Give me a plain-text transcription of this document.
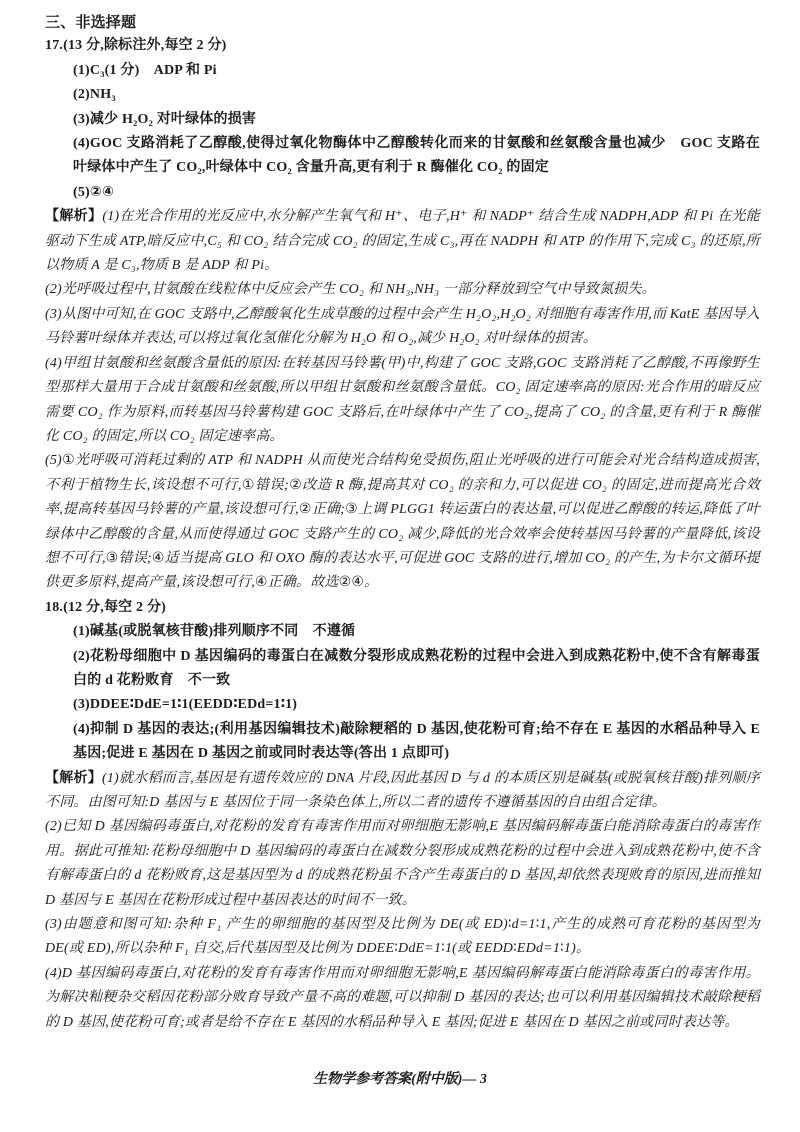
三、非选择题

17.(13 分,除标注外,每空 2 分)

(1)C₃(1 分)　ADP 和 Pi

(2)NH₃

(3)减少 H₂O₂ 对叶绿体的损害

(4)GOC 支路消耗了乙醇酸,使得过氧化物酶体中乙醇酸转化而来的甘氨酸和丝氨酸含量也减少　GOC 支路在叶绿体中产生了 CO₂,叶绿体中 CO₂ 含量升高,更有利于 R 酶催化 CO₂ 的固定

(5)②④

【解析】(1)在光合作用的光反应中,水分解产生氧气和 H⁺、电子,H⁺ 和 NADP⁺ 结合生成 NADPH,ADP 和 Pi 在光能驱动下生成 ATP,暗反应中,C₅ 和 CO₂ 结合完成 CO₂ 的固定,生成 C₃,再在 NADPH 和 ATP 的作用下,完成 C₃ 的还原,所以物质 A 是 C₃,物质 B 是 ADP 和 Pi。

(2)光呼吸过程中,甘氨酸在线粒体中反应会产生 CO₂ 和 NH₃,NH₃ 一部分释放到空气中导致氮损失。

(3)从图中可知,在 GOC 支路中,乙醇酸氧化生成草酸的过程中会产生 H₂O₂,H₂O₂ 对细胞有毒害作用,而 KatE 基因导入马铃薯叶绿体并表达,可以将过氧化氢催化分解为 H₂O 和 O₂,减少 H₂O₂ 对叶绿体的损害。

(4)甲组甘氨酸和丝氨酸含量低的原因:在转基因马铃薯(甲)中,构建了 GOC 支路,GOC 支路消耗了乙醇酸,不再像野生型那样大量用于合成甘氨酸和丝氨酸,所以甲组甘氨酸和丝氨酸含量低。CO₂ 固定速率高的原因:光合作用的暗反应需要 CO₂ 作为原料,而转基因马铃薯构建 GOC 支路后,在叶绿体中产生了 CO₂,提高了 CO₂ 的含量,更有利于 R 酶催化 CO₂ 的固定,所以 CO₂ 固定速率高。

(5)①光呼吸可消耗过剩的 ATP 和 NADPH 从而使光合结构免受损伤,阻止光呼吸的进行可能会对光合结构造成损害,不利于植物生长,该设想不可行,①错误;②改造 R 酶,提高其对 CO₂ 的亲和力,可以促进 CO₂ 的固定,进而提高光合效率,提高转基因马铃薯的产量,该设想可行,②正确;③上调 PLGG1 转运蛋白的表达量,可以促进乙醇酸的转运,降低了叶绿体中乙醇酸的含量,从而使得通过 GOC 支路产生的 CO₂ 减少,降低的光合效率会使转基因马铃薯的产量降低,该设想不可行,③错误;④适当提高 GLO 和 OXO 酶的表达水平,可促进 GOC 支路的进行,增加 CO₂ 的产生,为卡尔文循环提供更多原料,提高产量,该设想可行,④正确。故选②④。

18.(12 分,每空 2 分)

(1)碱基(或脱氧核苷酸)排列顺序不同　不遵循

(2)花粉母细胞中 D 基因编码的毒蛋白在减数分裂形成成熟花粉的过程中会进入到成熟花粉中,使不含有解毒蛋白的 d 花粉败育　不一致

(3)DDEE∶DdE=1∶1(EEDD∶EDd=1∶1)

(4)抑制 D 基因的表达;(利用基因编辑技术)敲除粳稻的 D 基因,使花粉可育;给不存在 E 基因的水稻品种导入 E 基因;促进 E 基因在 D 基因之前或同时表达等(答出 1 点即可)

【解析】(1)就水稻而言,基因是有遗传效应的 DNA 片段,因此基因 D 与 d 的本质区别是碱基(或脱氧核苷酸)排列顺序不同。由图可知:D 基因与 E 基因位于同一条染色体上,所以二者的遗传不遵循基因的自由组合定律。

(2)已知 D 基因编码毒蛋白,对花粉的发育有毒害作用而对卵细胞无影响,E 基因编码解毒蛋白能消除毒蛋白的毒害作用。据此可推知:花粉母细胞中 D 基因编码的毒蛋白在减数分裂形成成熟花粉的过程中会进入到成熟花粉中,使不含有解毒蛋白的 d 花粉败育,这是基因型为 d 的成熟花粉虽不含产生毒蛋白的 D 基因,却依然表现败育的原因,进而推知 D 基因与 E 基因在花粉形成过程中基因表达的时间不一致。

(3)由题意和图可知:杂种 F₁ 产生的卵细胞的基因型及比例为 DE(或 ED)∶d=1∶1,产生的成熟可育花粉的基因型为 DE(或 ED),所以杂种 F₁ 自交,后代基因型及比例为 DDEE∶DdE=1∶1(或 EEDD∶EDd=1∶1)。

(4)D 基因编码毒蛋白,对花粉的发育有毒害作用而对卵细胞无影响,E 基因编码解毒蛋白能消除毒蛋白的毒害作用。为解决籼粳杂交稻因花粉部分败育导致产量不高的难题,可以抑制 D 基因的表达;也可以利用基因编辑技术敲除粳稻的 D 基因,使花粉可育;或者是给不存在 E 基因的水稻品种导入 E 基因;促进 E 基因在 D 基因之前或同时表达等。

生物学参考答案(附中版)— 3
